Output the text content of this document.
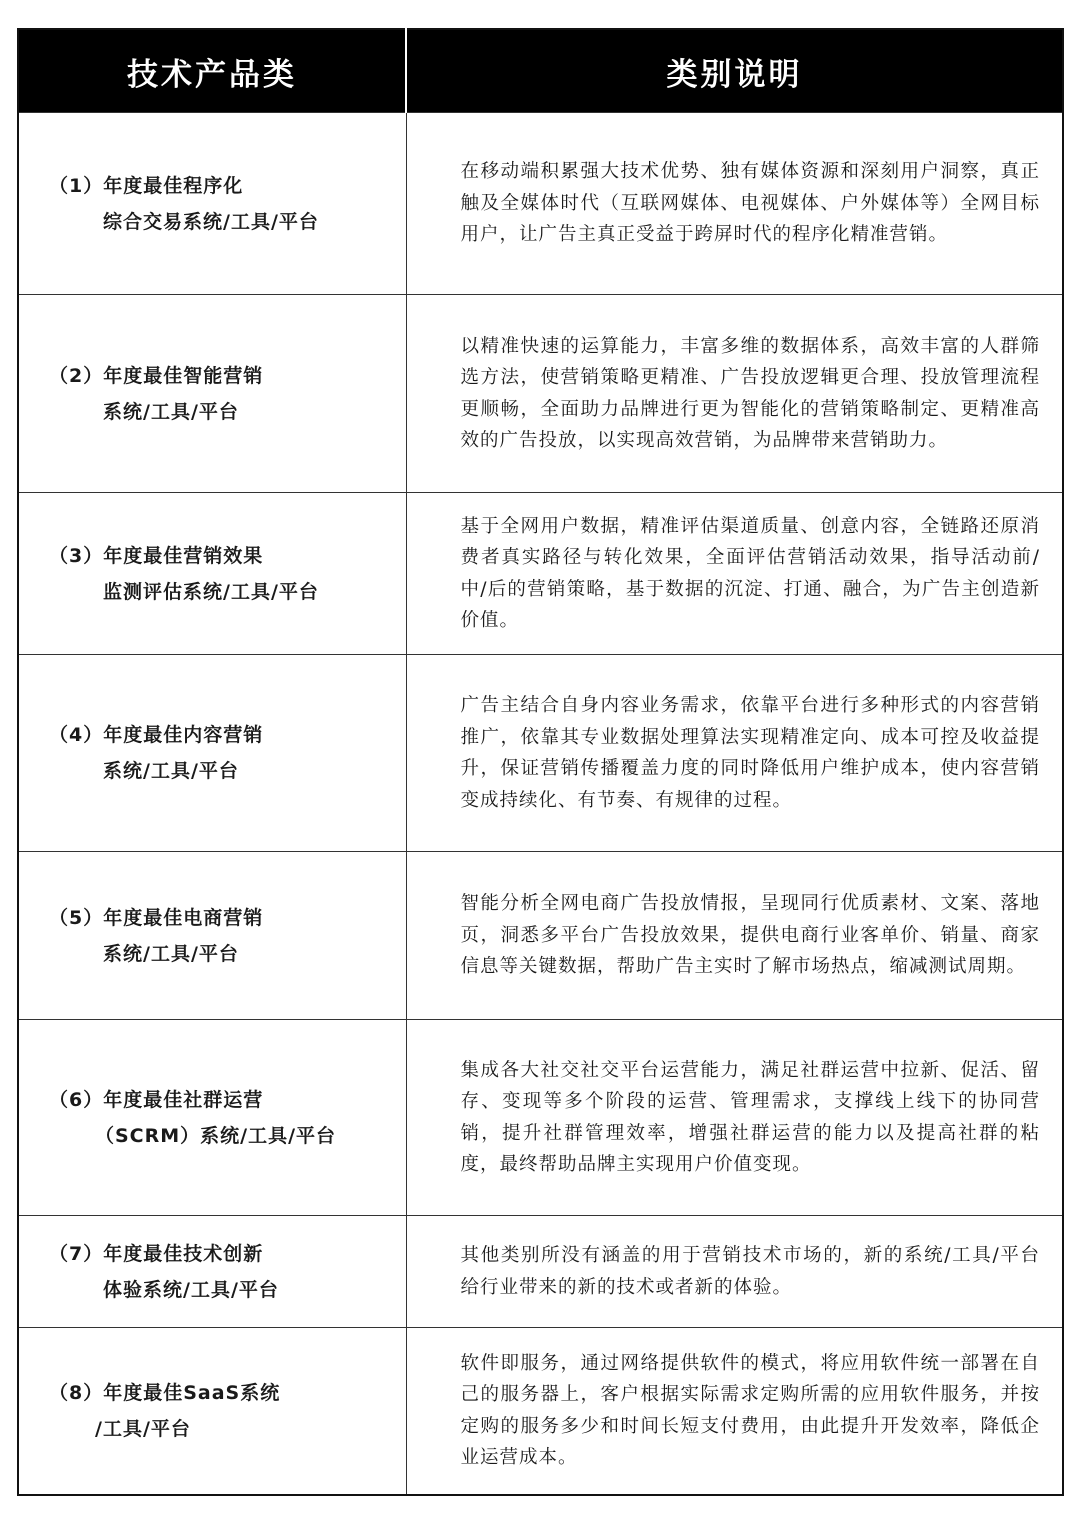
技术产品类	类别说明

（1）年度最佳程序化
综合交易系统/工具/平台	在移动端积累强大技术优势、独有媒体资源和深刻用户洞察，真正触及全媒体时代（互联网媒体、电视媒体、户外媒体等）全网目标用户，让广告主真正受益于跨屏时代的程序化精准营销。

（2）年度最佳智能营销
系统/工具/平台	以精准快速的运算能力，丰富多维的数据体系，高效丰富的人群筛选方法，使营销策略更精准、广告投放逻辑更合理、投放管理流程更顺畅，全面助力品牌进行更为智能化的营销策略制定、更精准高效的广告投放，以实现高效营销，为品牌带来营销助力。

（3）年度最佳营销效果
监测评估系统/工具/平台	基于全网用户数据，精准评估渠道质量、创意内容，全链路还原消费者真实路径与转化效果，全面评估营销活动效果，指导活动前/中/后的营销策略，基于数据的沉淀、打通、融合，为广告主创造新价值。

（4）年度最佳内容营销
系统/工具/平台	广告主结合自身内容业务需求，依靠平台进行多种形式的内容营销推广，依靠其专业数据处理算法实现精准定向、成本可控及收益提升，保证营销传播覆盖力度的同时降低用户维护成本，使内容营销变成持续化、有节奏、有规律的过程。

（5）年度最佳电商营销
系统/工具/平台	智能分析全网电商广告投放情报，呈现同行优质素材、文案、落地页，洞悉多平台广告投放效果，提供电商行业客单价、销量、商家信息等关键数据，帮助广告主实时了解市场热点，缩减测试周期。

（6）年度最佳社群运营
（SCRM）系统/工具/平台	集成各大社交社交平台运营能力，满足社群运营中拉新、促活、留存、变现等多个阶段的运营、管理需求，支撑线上线下的协同营销，提升社群管理效率，增强社群运营的能力以及提高社群的粘度，最终帮助品牌主实现用户价值变现。

（7）年度最佳技术创新
体验系统/工具/平台	其他类别所没有涵盖的用于营销技术市场的，新的系统/工具/平台给行业带来的新的技术或者新的体验。

（8）年度最佳SaaS系统
/工具/平台	软件即服务，通过网络提供软件的模式，将应用软件统一部署在自己的服务器上，客户根据实际需求定购所需的应用软件服务，并按定购的服务多少和时间长短支付费用，由此提升开发效率，降低企业运营成本。
